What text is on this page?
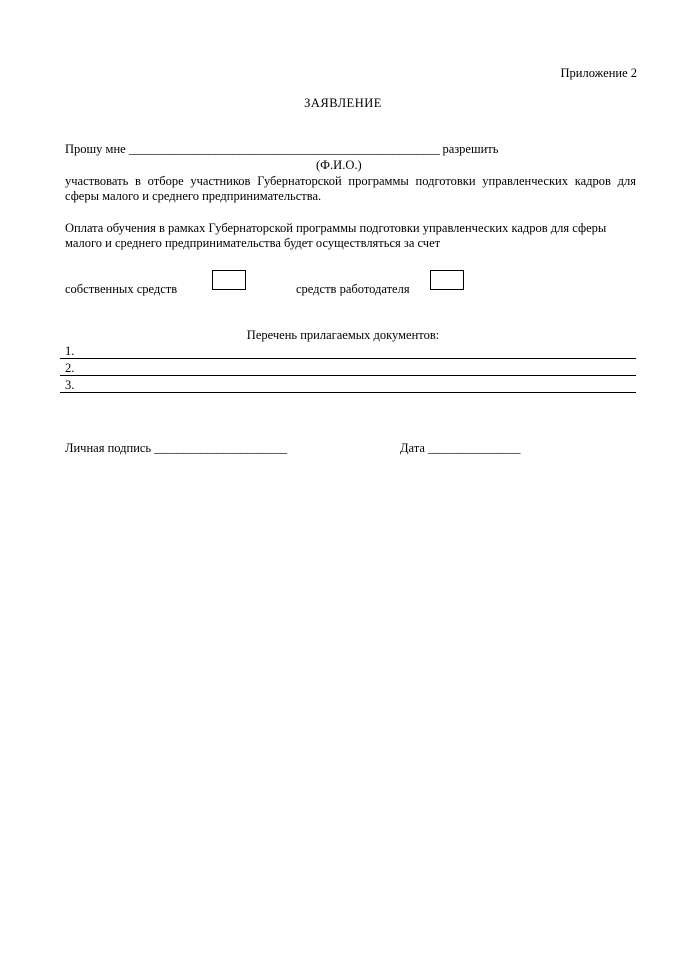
Приложение 2
ЗАЯВЛЕНИЕ
Прошу мне ______________________________________________________ разрешить
(Ф.И.О.)
участвовать в отборе участников Губернаторской программы подготовки управленческих кадров для сферы малого и среднего предпринимательства.
Оплата обучения в рамках Губернаторской программы подготовки управленческих кадров для сферы малого и среднего предпринимательства будет осуществляться за счет
собственных средств	средств работодателя
Перечень прилагаемых документов:
1.
2.
3.
Личная подпись _______________________	Дата ________________
